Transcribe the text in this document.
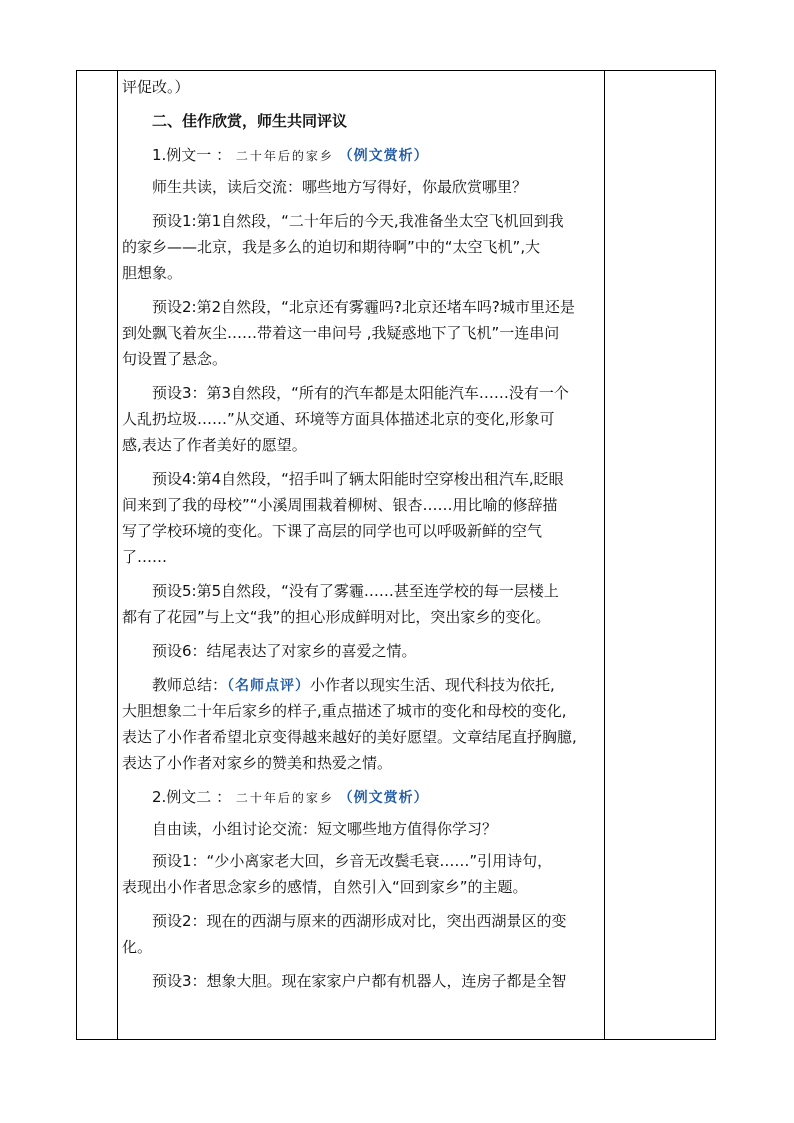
评促改。）
二、佳作欣赏，师生共同评议
1.例文一 ： 二十年后的家乡 （例文赏析）
师生共读，读后交流：哪些地方写得好，你最欣赏哪里？
预设1:第1自然段，“二十年后的今天,我准备坐太空飞机回到我
的家乡——北京，我是多么的迫切和期待啊”中的“太空飞机”,大
胆想象。
预设2:第2自然段，“北京还有雾霾吗?北京还堵车吗?城市里还是
到处飘飞着灰尘……带着这一串问号 ,我疑惑地下了飞机”一连串问
句设置了悬念。
预设3：第3自然段，“所有的汽车都是太阳能汽车……没有一个
人乱扔垃圾……”从交通、环境等方面具体描述北京的变化,形象可
感,表达了作者美好的愿望。
预设4:第4自然段，“招手叫了辆太阳能时空穿梭出租汽车,眨眼
间来到了我的母校”“小溪周围栽着柳树、银杏……用比喻的修辞描
写了学校环境的变化。下课了高层的同学也可以呼吸新鲜的空气
了……
预设5:第5自然段，“没有了雾霾……甚至连学校的每一层楼上
都有了花园”与上文“我”的担心形成鲜明对比，突出家乡的变化。
预设6：结尾表达了对家乡的喜爱之情。
教师总结：（名师点评）小作者以现实生活、现代科技为依托,
大胆想象二十年后家乡的样子,重点描述了城市的变化和母校的变化,
表达了小作者希望北京变得越来越好的美好愿望。文章结尾直抒胸臆,
表达了小作者对家乡的赞美和热爱之情。
2.例文二 ： 二十年后的家乡 （例文赏析）
自由读，小组讨论交流：短文哪些地方值得你学习？
预设1：“少小离家老大回，乡音无改鬓毛衰……”引用诗句，
表现出小作者思念家乡的感情，自然引入“回到家乡”的主题。
预设2：现在的西湖与原来的西湖形成对比，突出西湖景区的变
化。
预设3：想象大胆。现在家家户户都有机器人，连房子都是全智
